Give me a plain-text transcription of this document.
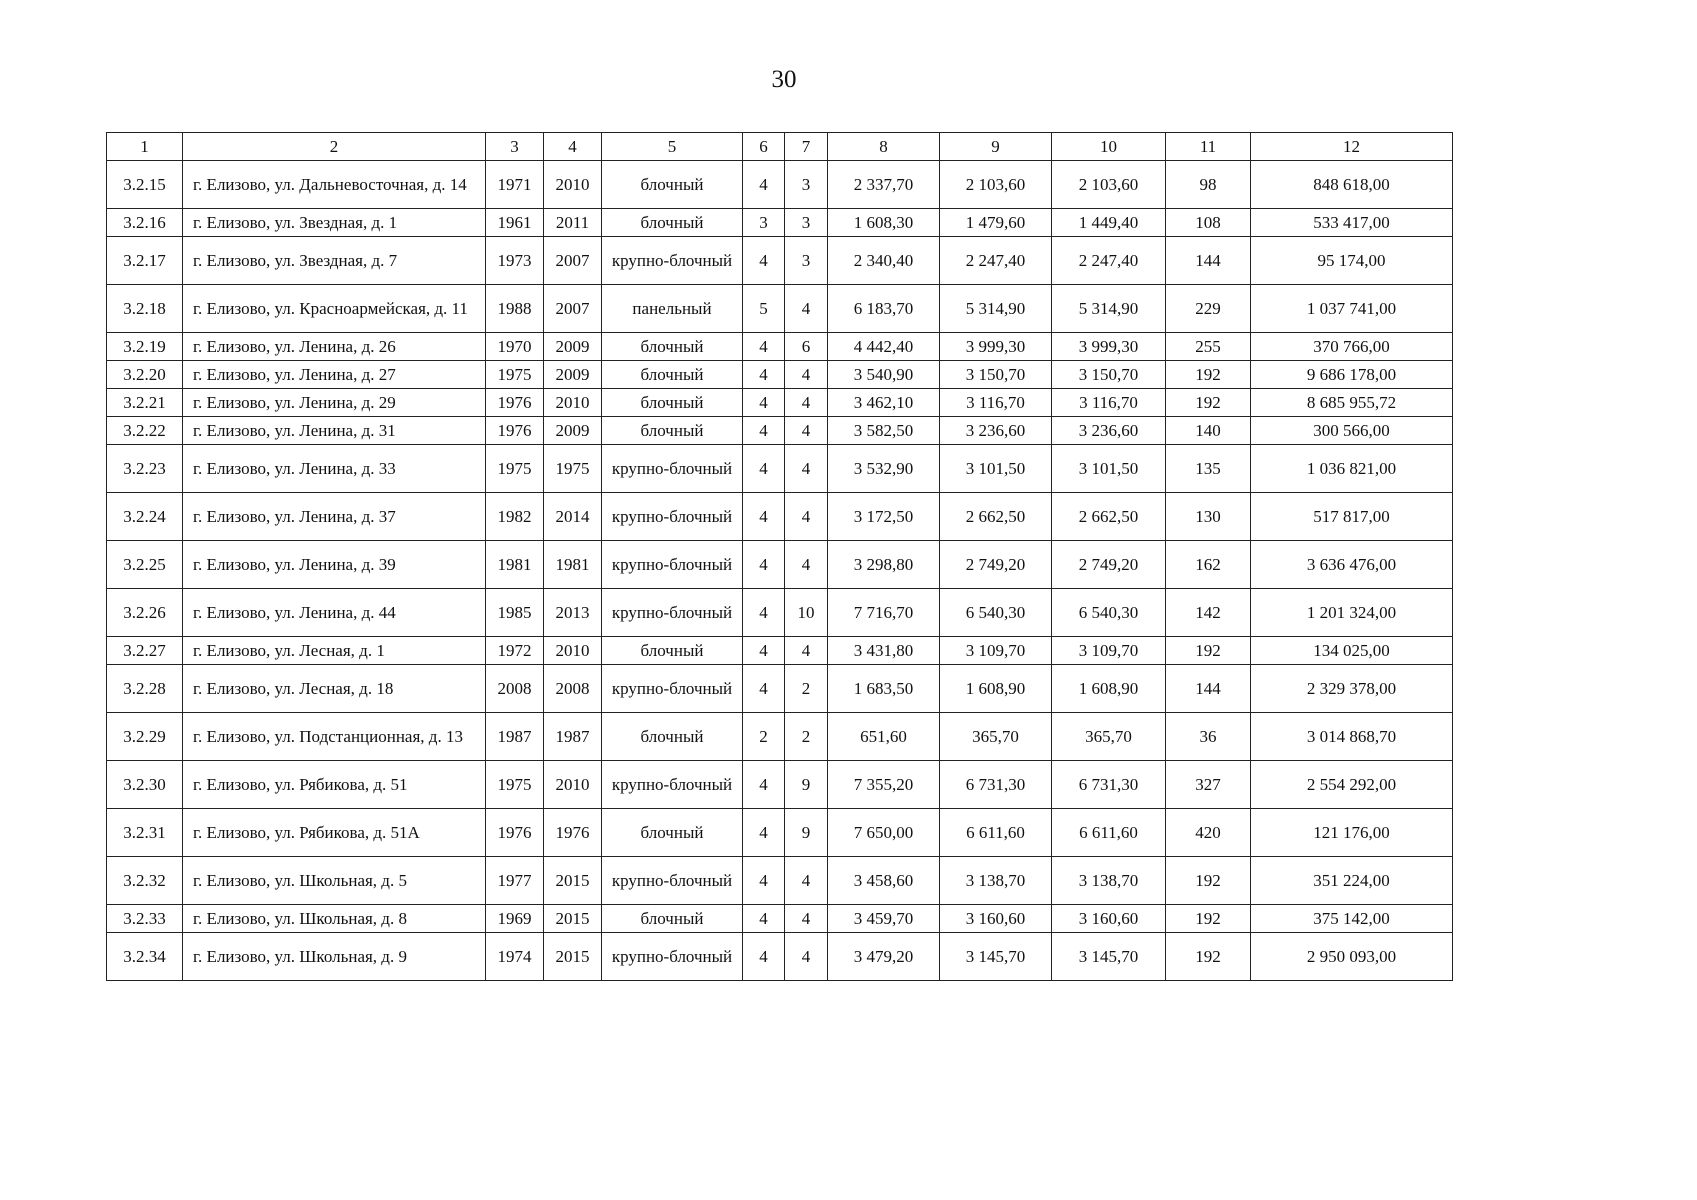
30
1	2	3	4	5	6	7	8	9	10	11	12
3.2.15	г. Елизово, ул. Дальневосточная, д. 14	1971	2010	блочный	4	3	2 337,70	2 103,60	2 103,60	98	848 618,00
3.2.16	г. Елизово, ул. Звездная, д. 1	1961	2011	блочный	3	3	1 608,30	1 479,60	1 449,40	108	533 417,00
3.2.17	г. Елизово, ул. Звездная, д. 7	1973	2007	крупно-блочный	4	3	2 340,40	2 247,40	2 247,40	144	95 174,00
3.2.18	г. Елизово, ул. Красноармейская, д. 11	1988	2007	панельный	5	4	6 183,70	5 314,90	5 314,90	229	1 037 741,00
3.2.19	г. Елизово, ул. Ленина, д. 26	1970	2009	блочный	4	6	4 442,40	3 999,30	3 999,30	255	370 766,00
3.2.20	г. Елизово, ул. Ленина, д. 27	1975	2009	блочный	4	4	3 540,90	3 150,70	3 150,70	192	9 686 178,00
3.2.21	г. Елизово, ул. Ленина, д. 29	1976	2010	блочный	4	4	3 462,10	3 116,70	3 116,70	192	8 685 955,72
3.2.22	г. Елизово, ул. Ленина, д. 31	1976	2009	блочный	4	4	3 582,50	3 236,60	3 236,60	140	300 566,00
3.2.23	г. Елизово, ул. Ленина, д. 33	1975	1975	крупно-блочный	4	4	3 532,90	3 101,50	3 101,50	135	1 036 821,00
3.2.24	г. Елизово, ул. Ленина, д. 37	1982	2014	крупно-блочный	4	4	3 172,50	2 662,50	2 662,50	130	517 817,00
3.2.25	г. Елизово, ул. Ленина, д. 39	1981	1981	крупно-блочный	4	4	3 298,80	2 749,20	2 749,20	162	3 636 476,00
3.2.26	г. Елизово, ул. Ленина, д. 44	1985	2013	крупно-блочный	4	10	7 716,70	6 540,30	6 540,30	142	1 201 324,00
3.2.27	г. Елизово, ул. Лесная, д. 1	1972	2010	блочный	4	4	3 431,80	3 109,70	3 109,70	192	134 025,00
3.2.28	г. Елизово, ул. Лесная, д. 18	2008	2008	крупно-блочный	4	2	1 683,50	1 608,90	1 608,90	144	2 329 378,00
3.2.29	г. Елизово, ул. Подстанционная, д. 13	1987	1987	блочный	2	2	651,60	365,70	365,70	36	3 014 868,70
3.2.30	г. Елизово, ул. Рябикова, д. 51	1975	2010	крупно-блочный	4	9	7 355,20	6 731,30	6 731,30	327	2 554 292,00
3.2.31	г. Елизово, ул. Рябикова, д. 51А	1976	1976	блочный	4	9	7 650,00	6 611,60	6 611,60	420	121 176,00
3.2.32	г. Елизово, ул. Школьная, д. 5	1977	2015	крупно-блочный	4	4	3 458,60	3 138,70	3 138,70	192	351 224,00
3.2.33	г. Елизово, ул. Школьная, д. 8	1969	2015	блочный	4	4	3 459,70	3 160,60	3 160,60	192	375 142,00
3.2.34	г. Елизово, ул. Школьная, д. 9	1974	2015	крупно-блочный	4	4	3 479,20	3 145,70	3 145,70	192	2 950 093,00
